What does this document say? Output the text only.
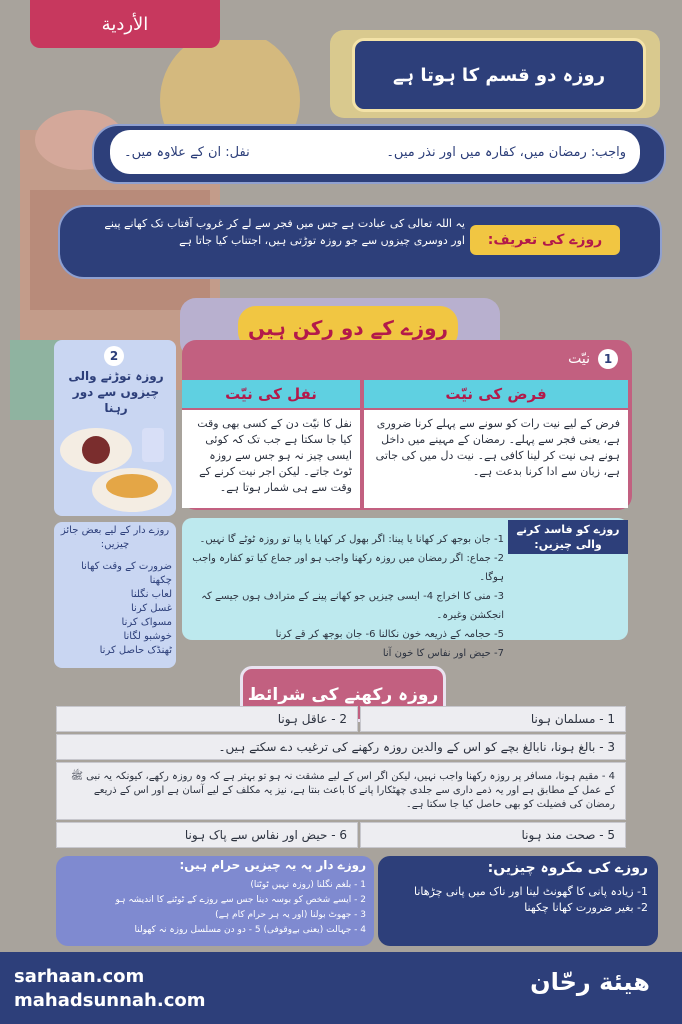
الأردية
روزہ دو قسم کا ہوتا ہے
واجب: رمضان میں، کفارہ میں اور نذر میں۔
نفل: ان کے علاوہ میں۔
روزے کی تعریف:
یہ اللہ تعالی کی عبادت ہے جس میں فجر سے لے کر غروب آفتاب تک کھانے پینے اور دوسری چیزوں سے جو روزہ توڑتی ہیں، اجتناب کیا جاتا ہے
روزے کے دو رکن ہیں
1
نیّت
فرض کی نیّت
نفل کی نیّت
فرض کے لیے نیت رات کو سونے سے پہلے کرنا ضروری ہے، یعنی فجر سے پہلے۔ رمضان کے مہینے میں داخل ہونے ہی نیت کر لینا کافی ہے۔ نیت دل میں کی جاتی ہے، زبان سے ادا کرنا بدعت ہے۔
نفل کا نیّت دن کے کسی بھی وقت کیا جا سکتا ہے جب تک کہ کوئی ایسی چیز نہ ہو جس سے روزہ ٹوٹ جاتے۔ لیکن اجر نیت کرنے کے وقت سے ہی شمار ہوتا ہے۔
2
روزہ توڑنے والی چیزوں سے دور رہنا
روزے دار کے لیے بعض جائز چیزیں:
ضرورت کے وقت کھانا چکھنا
لعاب نگلنا
غسل کرنا
مسواک کرنا
خوشبو لگانا
ٹھنڈک حاصل کرنا
روزے کو فاسد کرنے والی چیزیں:
1- جان بوجھ کر کھانا یا پینا: اگر بھول کر کھایا یا پیا تو روزہ ٹوٹے گا نہیں۔
2- جماع: اگر رمضان میں روزہ رکھنا واجب ہو اور جماع کیا تو کفارہ واجب ہوگا۔
3- منی کا اخراج 4- ایسی چیزیں جو کھانے پینے کے مترادف ہوں جیسے کہ انجکشن وغیرہ۔
5- حجامہ کے ذریعہ خون نکالنا 6- جان بوجھ کر قے کرنا
7- حیض اور نفاس کا خون آنا
روزہ رکھنے کی شرائط
1 - مسلمان ہونا
2 - عاقل ہونا
3 - بالغ ہونا، نابالغ بچے کو اس کے والدین روزہ رکھنے کی ترغیب دے سکتے ہیں۔
4 - مقیم ہونا، مسافر پر روزہ رکھنا واجب نہیں، لیکن اگر اس کے لیے مشقت نہ ہو تو بہتر ہے کہ وہ روزہ رکھے، کیونکہ یہ نبی ﷺ کے عمل کے مطابق ہے اور یہ ذمے داری سے جلدی چھٹکارا پانے کا باعث بنتا ہے، نیز یہ مکلف کے لیے آسان ہے اور اس کے ذریعے رمضان کی فضیلت کو بھی حاصل کیا جا سکتا ہے۔
5 - صحت مند ہونا
6 - حیض اور نفاس سے پاک ہونا
روزے کی مکروہ چیزیں:
1- زیادہ پانی کا گھونٹ لینا اور ناک میں پانی چڑھانا
2- بغیر ضرورت کھانا چکھنا
روزے دار پہ یہ چیزیں حرام ہیں:
1 - بلغم نگلنا (روزہ نہیں ٹوٹتا)
2 - ایسے شخص کو بوسہ دینا جس سے روزے کے ٹوٹنے کا اندیشہ ہو
3 - جھوٹ بولنا (اور یہ ہر حرام کام ہے)
4 - جہالت (یعنی بےوقوفی) 5 - دو دن مسلسل روزہ نہ کھولنا
sarhaan.com
mahadsunnah.com
هيئة رحّان
